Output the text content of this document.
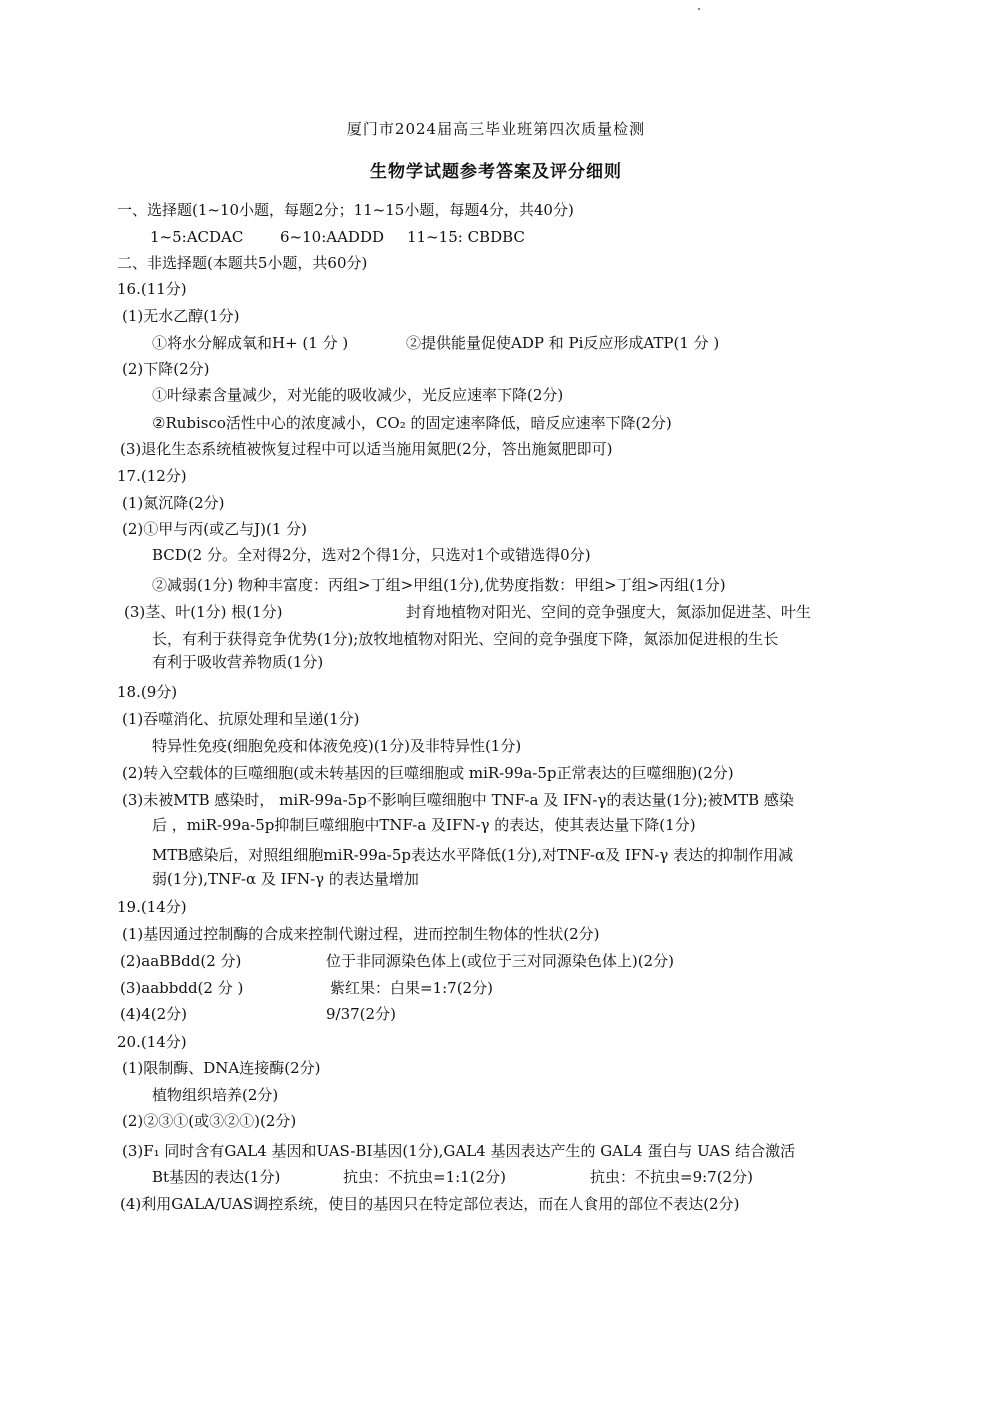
厦门市2024届高三毕业班第四次质量检测
生物学试题参考答案及评分细则
一、选择题(1~10小题，每题2分；11~15小题，每题4分，共40分)
1~5:ACDAC 6~10:AADDD 11~15: CBDBC
二、非选择题(本题共5小题，共60分)
16.(11分)
(1)无水乙醇(1分)
①将水分解成氧和H+ (1 分 )	②提供能量促使ADP 和 Pi反应形成ATP(1 分 )
(2)下降(2分)
①叶绿素含量减少，对光能的吸收减少，光反应速率下降(2分)
②Rubisco活性中心的浓度减小，CO₂ 的固定速率降低，暗反应速率下降(2分)
(3)退化生态系统植被恢复过程中可以适当施用氮肥(2分，答出施氮肥即可)
17.(12分)
(1)氮沉降(2分)
(2)①甲与丙(或乙与J)(1 分)
BCD(2 分。全对得2分，选对2个得1分，只选对1个或错选得0分)
②减弱(1分) 物种丰富度：丙组>丁组>甲组(1分),优势度指数：甲组>丁组>丙组(1分)
(3)茎、叶(1分) 根(1分)	封育地植物对阳光、空间的竞争强度大，氮添加促进茎、叶生
长，有利于获得竞争优势(1分);放牧地植物对阳光、空间的竞争强度下降，氮添加促进根的生长
有利于吸收营养物质(1分)
18.(9分)
(1)吞噬消化、抗原处理和呈递(1分)
特异性免疫(细胞免疫和体液免疫)(1分)及非特异性(1分)
(2)转入空载体的巨噬细胞(或未转基因的巨噬细胞或 miR-99a-5p正常表达的巨噬细胞)(2分)
(3)未被MTB 感染时， miR-99a-5p不影响巨噬细胞中 TNF-a 及 IFN-γ的表达量(1分);被MTB 感染
后 ，miR-99a-5p抑制巨噬细胞中TNF-a 及IFN-γ 的表达，使其表达量下降(1分)
MTB感染后，对照组细胞miR-99a-5p表达水平降低(1分),对TNF-α及 IFN-γ 表达的抑制作用减
弱(1分),TNF-α 及 IFN-γ 的表达量增加
19.(14分)
(1)基因通过控制酶的合成来控制代谢过程，进而控制生物体的性状(2分)
(2)aaBBdd(2 分)	位于非同源染色体上(或位于三对同源染色体上)(2分)
(3)aabbdd(2 分 )	紫红果：白果=1:7(2分)
(4)4(2分)	9/37(2分)
20.(14分)
(1)限制酶、DNA连接酶(2分)
植物组织培养(2分)
(2)②③①(或③②①)(2分)
(3)F₁ 同时含有GAL4 基因和UAS-BI基因(1分),GAL4 基因表达产生的 GAL4 蛋白与 UAS 结合激活
Bt基因的表达(1分)	抗虫：不抗虫=1:1(2分)	抗虫：不抗虫=9:7(2分)
(4)利用GALA/UAS调控系统，使目的基因只在特定部位表达，而在人食用的部位不表达(2分)
